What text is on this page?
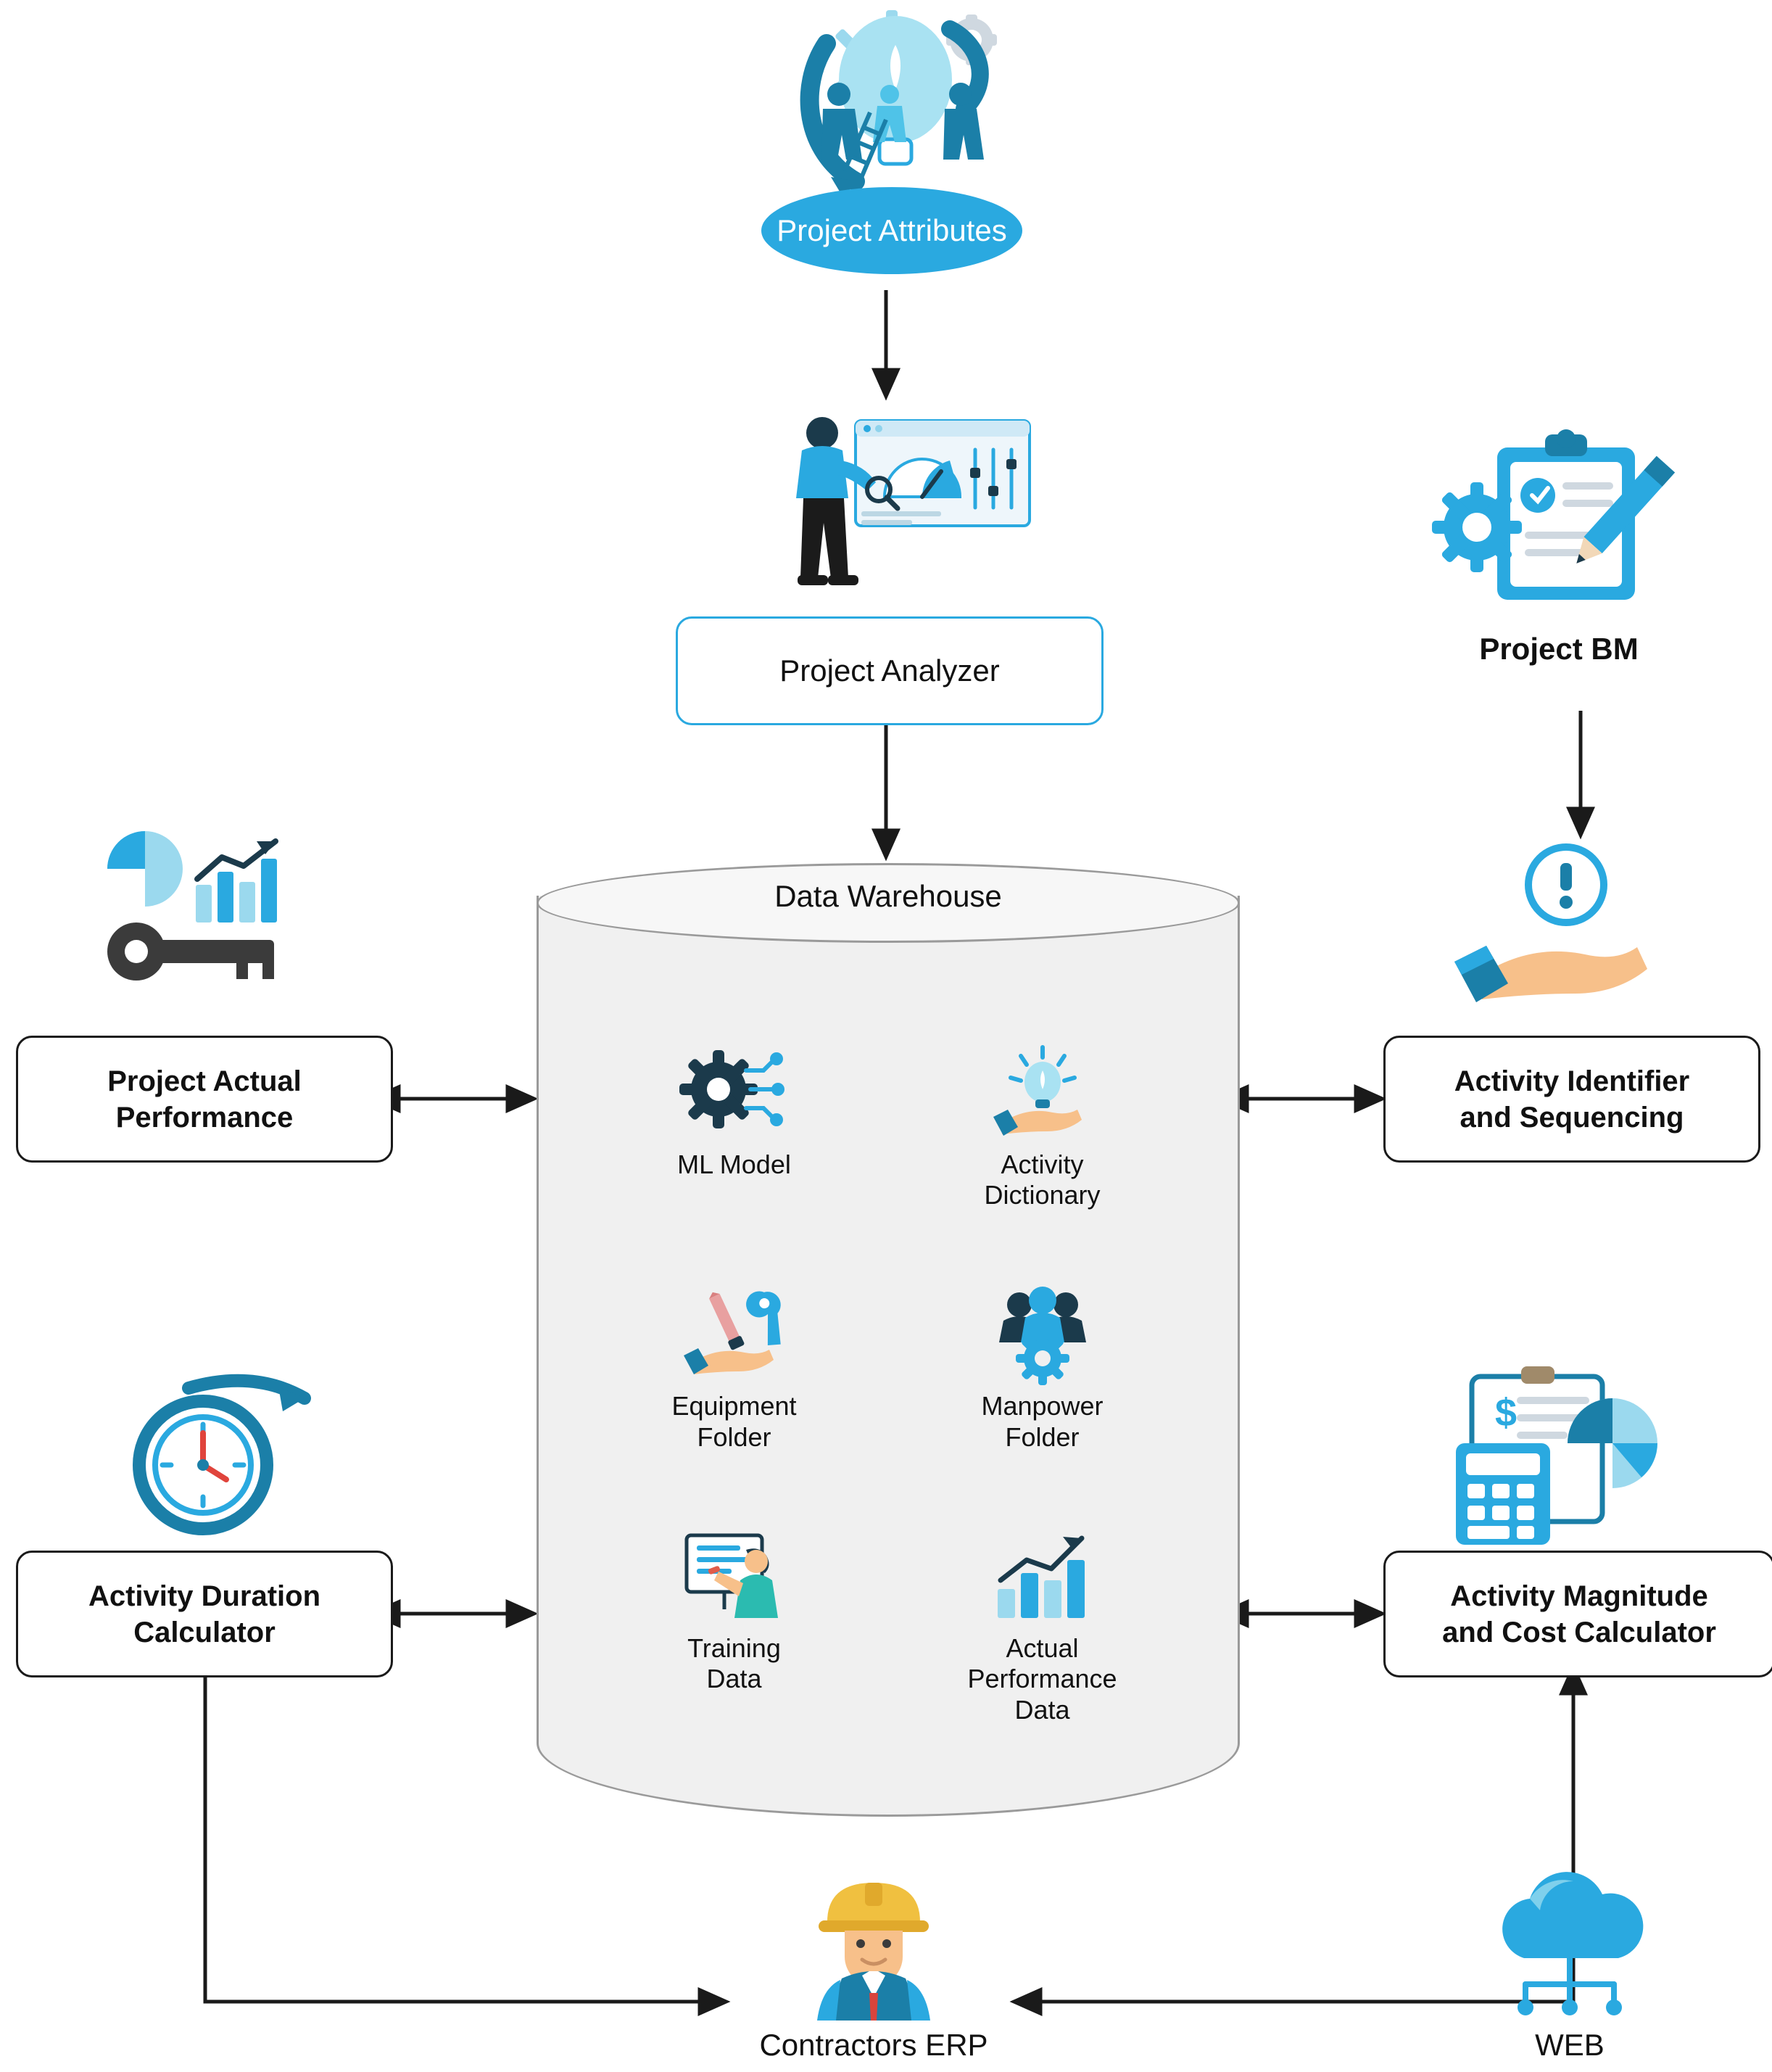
Project Attributes
Project Analyzer
Project BM
Data Warehouse
ML Model	Activity
Dictionary
Equipment
Folder
Manpower
Folder
Training
Data
Actual
Performance
Data
Project Actual
Performance
Activity Identifier
and Sequencing
Activity Duration
Calculator
$
Activity Magnitude
and Cost Calculator
Contractors ERP	WEB
